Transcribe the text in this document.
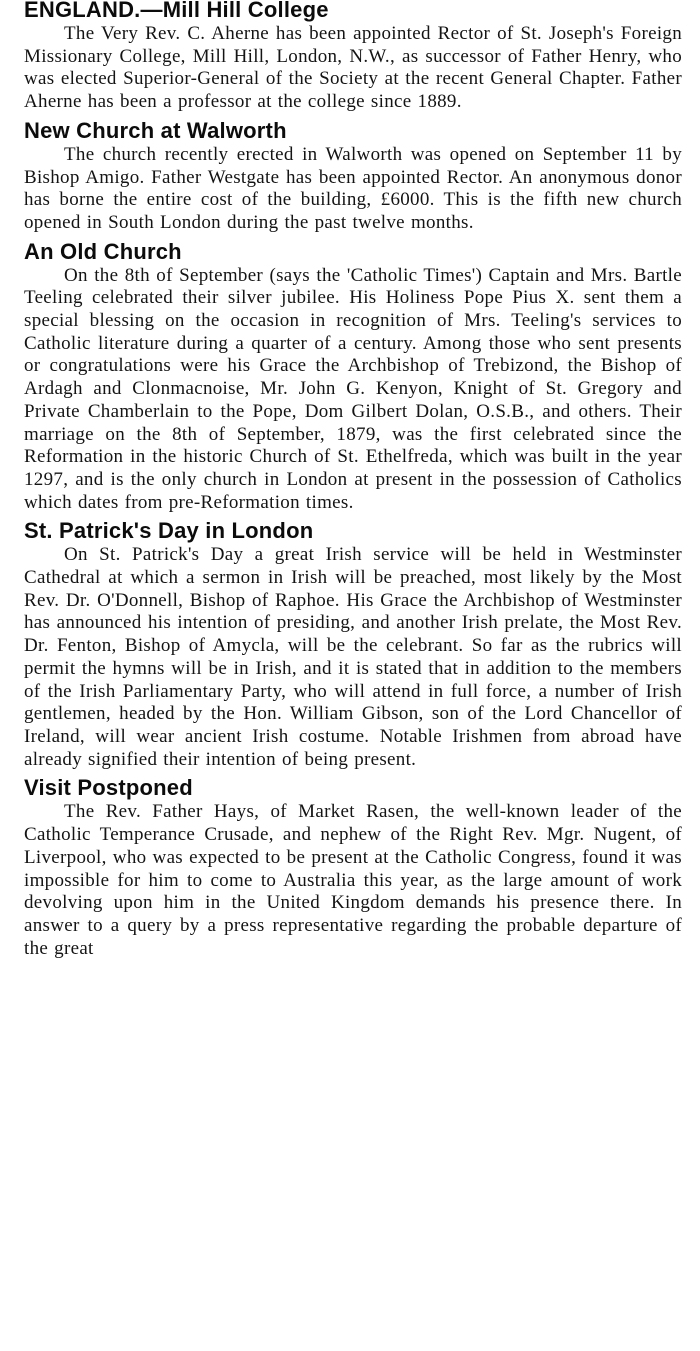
ENGLAND.—Mill Hill College

The Very Rev. C. Aherne has been appointed Rector of St. Joseph's Foreign Missionary College, Mill Hill, London, N.W., as successor of Father Henry, who was elected Superior-General of the Society at the recent General Chapter. Father Aherne has been a professor at the college since 1889.

New Church at Walworth

The church recently erected in Walworth was opened on September 11 by Bishop Amigo. Father Westgate has been appointed Rector. An anonymous donor has borne the entire cost of the building, £6000. This is the fifth new church opened in South London during the past twelve months.

An Old Church

On the 8th of September (says the 'Catholic Times') Captain and Mrs. Bartle Teeling celebrated their silver jubilee. His Holiness Pope Pius X. sent them a special blessing on the occasion in recognition of Mrs. Teeling's services to Catholic literature during a quarter of a century. Among those who sent presents or congratulations were his Grace the Archbishop of Trebizond, the Bishop of Ardagh and Clonmacnoise, Mr. John G. Kenyon, Knight of St. Gregory and Private Chamberlain to the Pope, Dom Gilbert Dolan, O.S.B., and others. Their marriage on the 8th of September, 1879, was the first celebrated since the Reformation in the historic Church of St. Ethelfreda, which was built in the year 1297, and is the only church in London at present in the possession of Catholics which dates from pre-Reformation times.

St. Patrick's Day in London

On St. Patrick's Day a great Irish service will be held in Westminster Cathedral at which a sermon in Irish will be preached, most likely by the Most Rev. Dr. O'Donnell, Bishop of Raphoe. His Grace the Archbishop of Westminster has announced his intention of presiding, and another Irish prelate, the Most Rev. Dr. Fenton, Bishop of Amycla, will be the celebrant. So far as the rubrics will permit the hymns will be in Irish, and it is stated that in addition to the members of the Irish Parliamentary Party, who will attend in full force, a number of Irish gentlemen, headed by the Hon. William Gibson, son of the Lord Chancellor of Ireland, will wear ancient Irish costume. Notable Irishmen from abroad have already signified their intention of being present.

Visit Postponed

The Rev. Father Hays, of Market Rasen, the well-known leader of the Catholic Temperance Crusade, and nephew of the Right Rev. Mgr. Nugent, of Liverpool, who was expected to be present at the Catholic Congress, found it was impossible for him to come to Australia this year, as the large amount of work devolving upon him in the United Kingdom demands his presence there. In answer to a query by a press representative regarding the probable departure of the great
